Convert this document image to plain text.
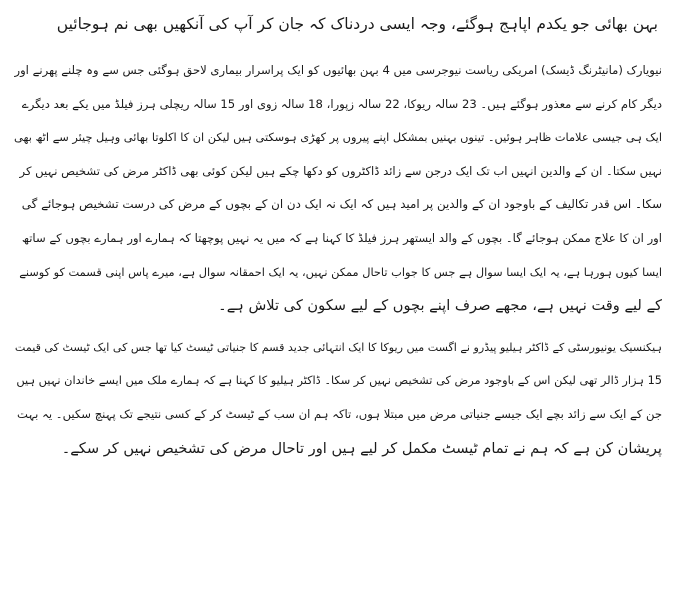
بہن بھائی جو یکدم اپاہج ہوگئے، وجہ ایسی دردناک کہ جان کر آپ کی آنکھیں بھی نم ہوجائیں
نیویارک (مانیٹرنگ ڈیسک) امریکی ریاست نیوجرسی میں 4 بہن بھائیوں کو ایک پراسرار بیماری لاحق ہوگئی جس سے وہ چلنے پھرنے اور
دیگر کام کرنے سے معذور ہوگئے ہیں۔ 23 سالہ ریوکا، 22 سالہ زپورا، 18 سالہ زوی اور 15 سالہ ریچلی ہرز فیلڈ میں یکے بعد دیگرے
ایک ہی جیسی علامات ظاہر ہوئیں۔ تینوں بہنیں بمشکل اپنے پیروں پر کھڑی ہوسکتی ہیں لیکن ان کا اکلوتا بھائی وہیل چیئر سے اٹھ بھی
نہیں سکتا۔ ان کے والدین انہیں اب تک ایک درجن سے زائد ڈاکٹروں کو دکھا چکے ہیں لیکن کوئی بھی ڈاکٹر مرض کی تشخیص نہیں کر
سکا۔ اس قدر تکالیف کے باوجود ان کے والدین پر امید ہیں کہ ایک نہ ایک دن ان کے بچوں کے مرض کی درست تشخیص ہوجائے گی
اور ان کا علاج ممکن ہوجائے گا۔ بچوں کے والد ایستھر ہرز فیلڈ کا کہنا ہے کہ میں یہ نہیں پوچھتا کہ ہمارے اور ہمارے بچوں کے ساتھ
ایسا کیوں ہورہا ہے، یہ ایک ایسا سوال ہے جس کا جواب تاحال ممکن نہیں، یہ ایک احمقانہ سوال ہے، میرے پاس اپنی قسمت کو کوسنے
کے لیے وقت نہیں ہے، مجھے صرف اپنے بچوں کے لیے سکون کی تلاش ہے۔
ہیکنسیک یونیورسٹی کے ڈاکٹر ہیلیو پیڈرو نے اگست میں ریوکا کا ایک انتہائی جدید قسم کا جنیاتی ٹیسٹ کیا تھا جس کی ایک ٹیسٹ کی قیمت
15 ہزار ڈالر تھی لیکن اس کے باوجود مرض کی تشخیص نہیں کر سکا۔ ڈاکٹر ہیلیو کا کہنا ہے کہ ہمارے ملک میں ایسے خاندان نہیں ہیں
جن کے ایک سے زائد بچے ایک جیسے جنیاتی مرض میں مبتلا ہوں، تاکہ ہم ان سب کے ٹیسٹ کر کے کسی نتیجے تک پہنچ سکیں۔ یہ بہت
پریشان کن ہے کہ ہم نے تمام ٹیسٹ مکمل کر لیے ہیں اور تاحال مرض کی تشخیص نہیں کر سکے۔
